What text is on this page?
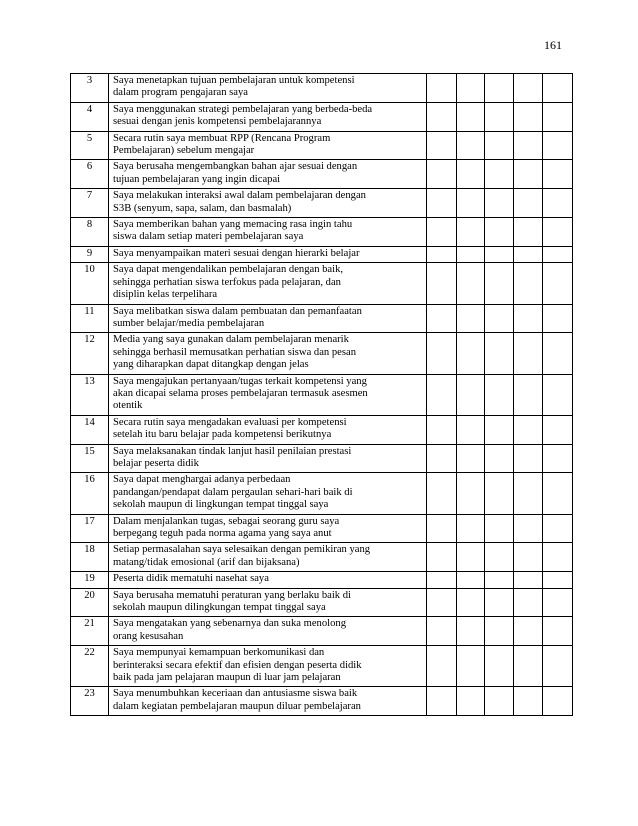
161
3	Saya menetapkan tujuan pembelajaran untuk kompetensi
dalam program pengajaran saya					
4	Saya menggunakan strategi pembelajaran yang berbeda-beda
sesuai dengan jenis kompetensi pembelajarannya					
5	Secara rutin saya membuat RPP (Rencana Program
Pembelajaran) sebelum mengajar					
6	Saya berusaha mengembangkan bahan ajar sesuai dengan
tujuan pembelajaran yang ingin dicapai					
7	Saya melakukan interaksi awal dalam pembelajaran dengan
S3B (senyum, sapa, salam, dan basmalah)					
8	Saya memberikan bahan yang memacing rasa ingin tahu
siswa dalam setiap materi pembelajaran saya					
9	Saya menyampaikan materi sesuai dengan hierarki belajar					
10	Saya dapat mengendalikan pembelajaran dengan baik,
sehingga perhatian siswa terfokus pada pelajaran, dan
disiplin kelas terpelihara					
11	Saya melibatkan siswa dalam pembuatan dan pemanfaatan
sumber belajar/media pembelajaran					
12	Media yang saya gunakan dalam pembelajaran menarik
sehingga berhasil memusatkan perhatian siswa dan pesan
yang diharapkan dapat ditangkap dengan jelas					
13	Saya mengajukan pertanyaan/tugas terkait kompetensi yang
akan dicapai selama proses pembelajaran termasuk asesmen
otentik					
14	Secara rutin saya mengadakan evaluasi per kompetensi
setelah itu baru belajar pada kompetensi berikutnya					
15	Saya melaksanakan tindak lanjut hasil penilaian prestasi
belajar peserta didik					
16	Saya dapat menghargai adanya perbedaan
pandangan/pendapat dalam pergaulan sehari-hari baik di
sekolah maupun di lingkungan tempat tinggal saya					
17	Dalam menjalankan tugas, sebagai seorang guru saya
berpegang teguh pada norma agama yang saya anut					
18	Setiap permasalahan saya selesaikan dengan pemikiran yang
matang/tidak emosional (arif dan bijaksana)					
19	Peserta didik mematuhi nasehat saya					
20	Saya berusaha mematuhi peraturan yang berlaku baik di
sekolah maupun dilingkungan tempat tinggal saya					
21	Saya mengatakan yang sebenarnya dan suka menolong
orang kesusahan					
22	Saya mempunyai kemampuan berkomunikasi dan
berinteraksi secara efektif dan efisien dengan peserta didik
baik pada jam pelajaran maupun di luar jam pelajaran					
23	Saya menumbuhkan keceriaan dan antusiasme siswa baik
dalam kegiatan pembelajaran maupun diluar pembelajaran					
